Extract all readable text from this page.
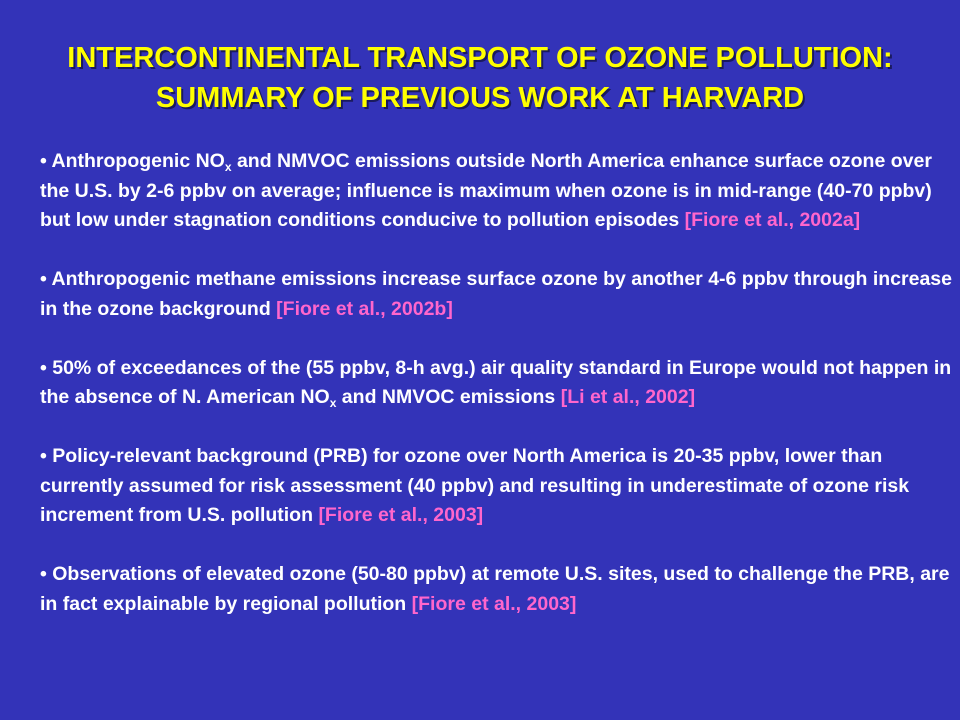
INTERCONTINENTAL TRANSPORT OF OZONE POLLUTION:
SUMMARY OF PREVIOUS WORK AT HARVARD
• Anthropogenic $NO_x$ and NMVOC emissions outside North America enhance surface ozone over the U.S. by 2-6 ppbv on average; influence is maximum when ozone is in mid-range (40-70 ppbv) but low under stagnation conditions conducive to pollution episodes [Fiore et al., 2002a]
• Anthropogenic methane emissions increase surface ozone by another 4-6 ppbv through increase in the ozone background [Fiore et al., 2002b]
• 50% of exceedances of the (55 ppbv, 8-h avg.) air quality standard in Europe would not happen in the absence of N. American $NO_x$ and NMVOC emissions [Li et al., 2002]
• Policy-relevant background (PRB) for ozone over North America is 20-35 ppbv, lower than currently assumed for risk assessment (40 ppbv) and resulting in underestimate of ozone risk increment from U.S. pollution [Fiore et al., 2003]
• Observations of elevated ozone (50-80 ppbv) at remote U.S. sites, used to challenge the PRB, are in fact explainable by regional pollution [Fiore et al., 2003]
